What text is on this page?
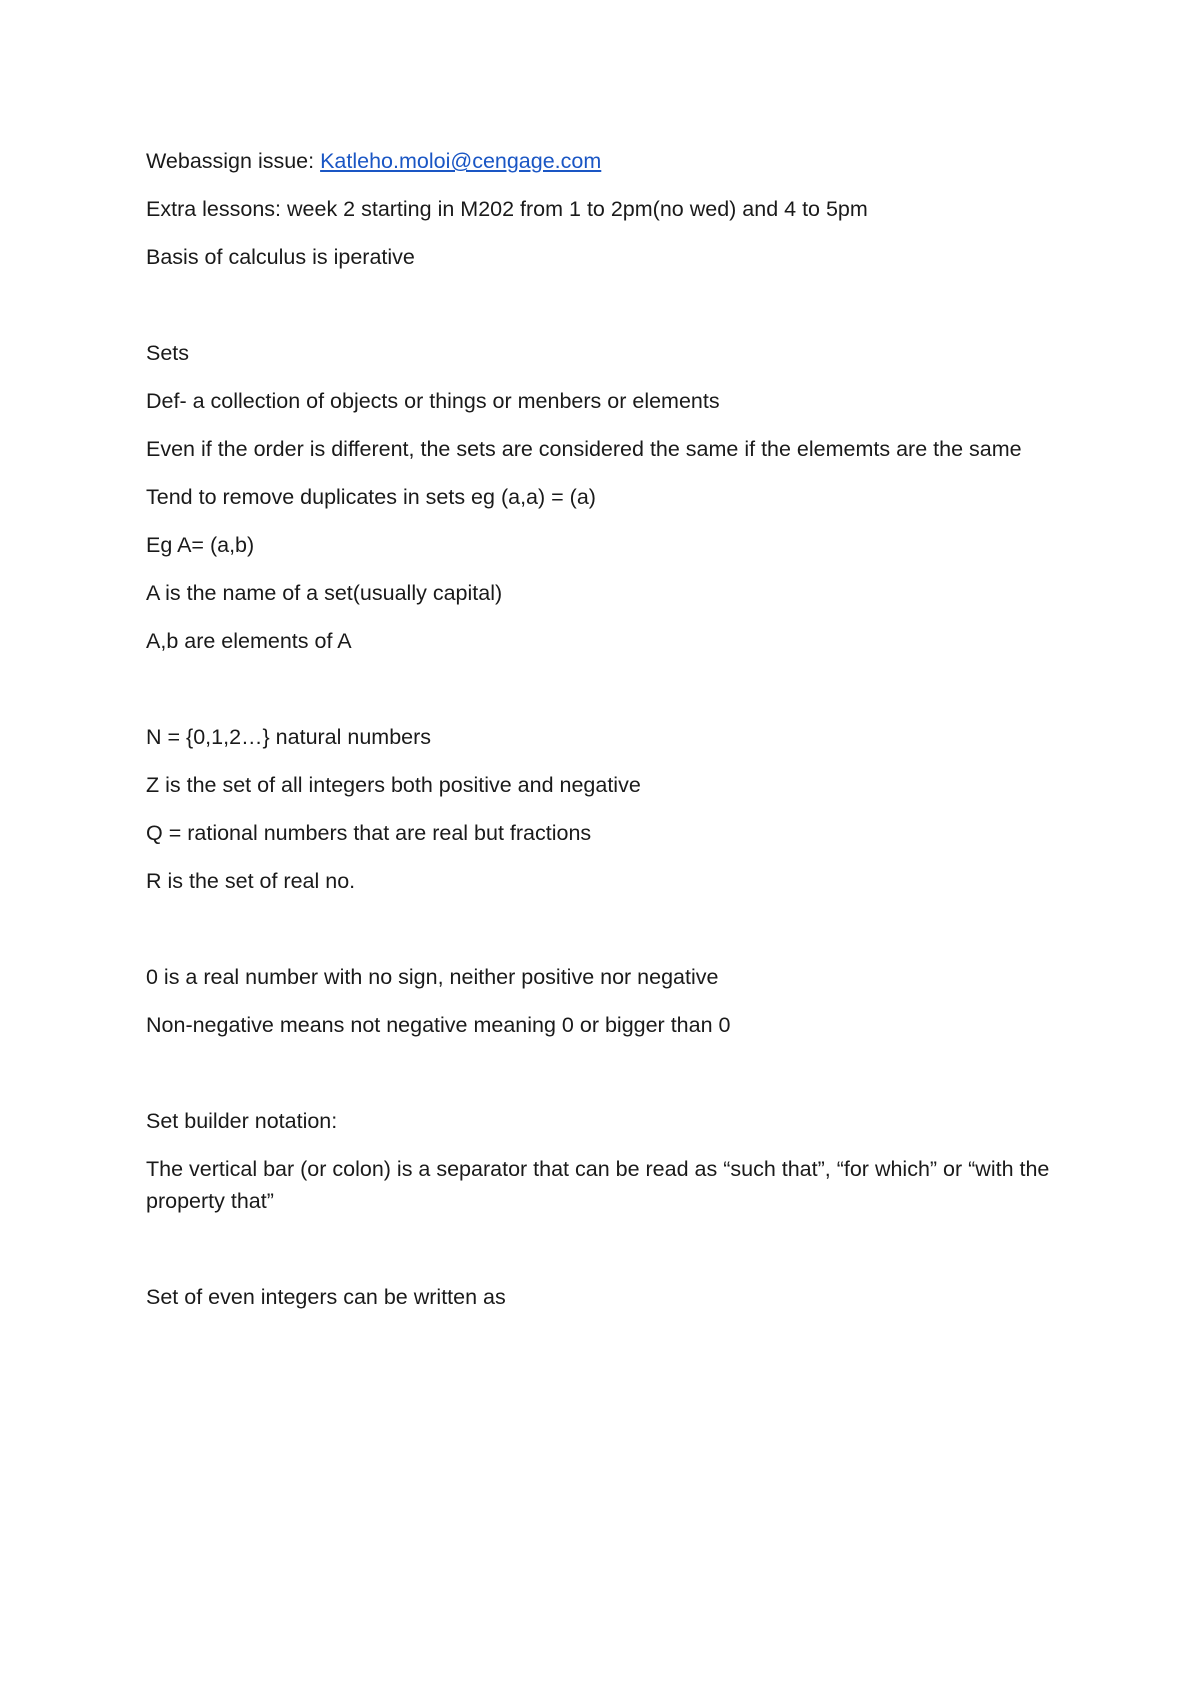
Webassign issue: Katleho.moloi@cengage.com

Extra lessons: week 2 starting in M202 from 1 to 2pm(no wed) and 4 to 5pm

Basis of calculus is iperative

Sets

Def- a collection of objects or things or menbers or elements

Even if the order is different, the sets are considered the same if the elememts are the same

Tend to remove duplicates in sets eg (a,a) = (a)

Eg A= (a,b)

A is the name of a set(usually capital)

A,b are elements of A

N = {0,1,2…} natural numbers

Z is the set of all integers both positive and negative

Q = rational numbers that are real but fractions

R is the set of real no.

0 is a real number with no sign, neither positive nor negative

Non-negative means not negative meaning 0 or bigger than 0

Set builder notation:

The vertical bar (or colon) is a separator that can be read as “such that”, “for which” or “with the property that”

Set of even integers can be written as
